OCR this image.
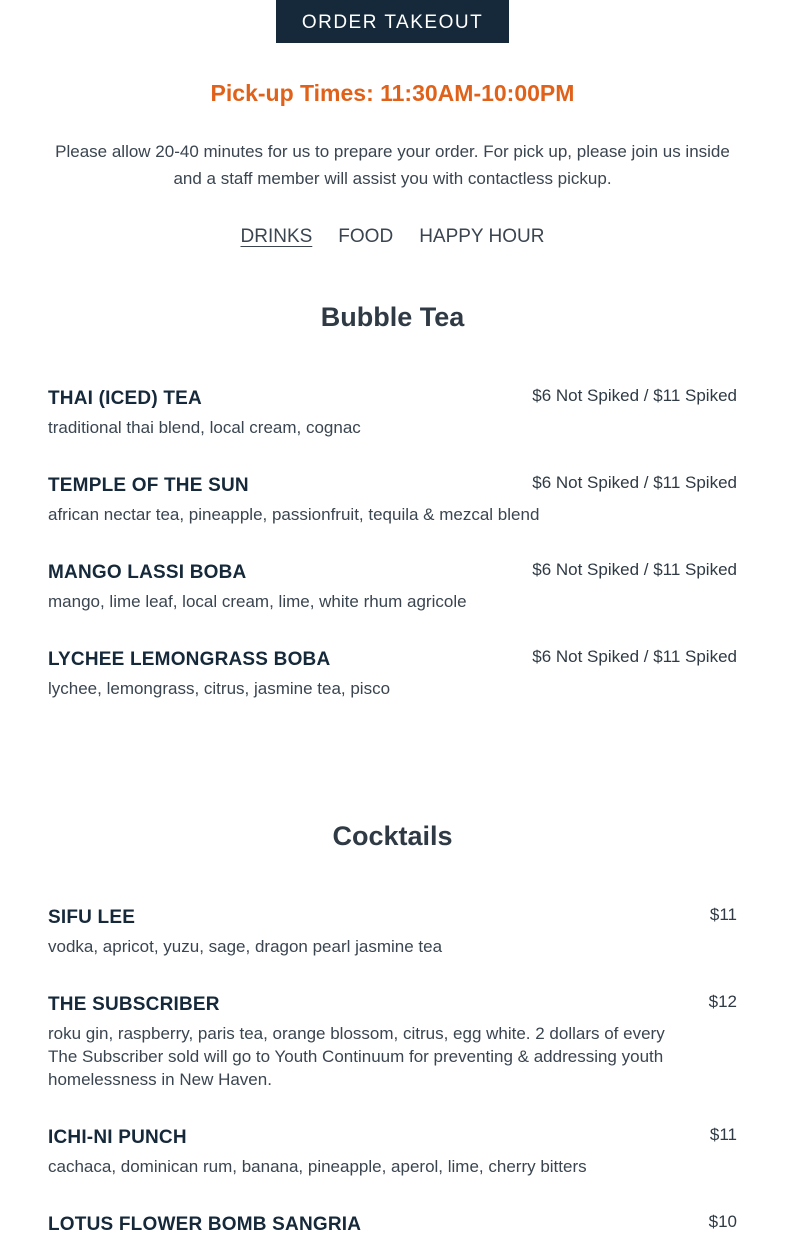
ORDER TAKEOUT
Pick-up Times: 11:30AM-10:00PM

Please allow 20-40 minutes for us to prepare your order. For pick up, please join us inside and a staff member will assist you with contactless pickup.

DRINKS FOOD HAPPY HOUR
Bubble Tea
THAI (ICED) TEA	$6 Not Spiked / $11 Spiked
traditional thai blend, local cream, cognac
TEMPLE OF THE SUN	$6 Not Spiked / $11 Spiked
african nectar tea, pineapple, passionfruit, tequila & mezcal blend
MANGO LASSI BOBA	$6 Not Spiked / $11 Spiked
mango, lime leaf, local cream, lime, white rhum agricole
LYCHEE LEMONGRASS BOBA	$6 Not Spiked / $11 Spiked
lychee, lemongrass, citrus, jasmine tea, pisco
Cocktails
SIFU LEE	$11
vodka, apricot, yuzu, sage, dragon pearl jasmine tea
THE SUBSCRIBER	$12
roku gin, raspberry, paris tea, orange blossom, citrus, egg white. 2 dollars of every The Subscriber sold will go to Youth Continuum for preventing & addressing youth homelessness in New Haven.
ICHI-NI PUNCH	$11
cachaca, dominican rum, banana, pineapple, aperol, lime, cherry bitters
LOTUS FLOWER BOMB SANGRIA	$10
